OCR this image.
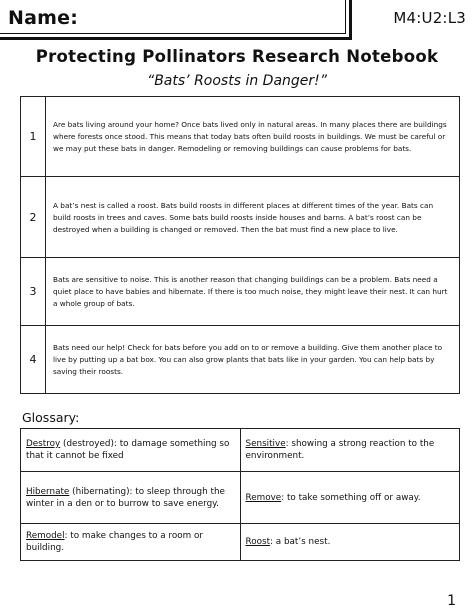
Name:	M4:U2:L3
Protecting Pollinators Research Notebook
“Bats’ Roosts in Danger!”
1	Are bats living around your home? Once bats lived only in natural areas. In many places there are buildings where forests once stood. This means that today bats often build roosts in buildings. We must be careful or we may put these bats in danger. Remodeling or removing buildings can cause problems for bats.
2	A bat’s nest is called a roost. Bats build roosts in different places at different times of the year. Bats can build roosts in trees and caves. Some bats build roosts inside houses and barns. A bat’s roost can be destroyed when a building is changed or removed. Then the bat must find a new place to live.
3	Bats are sensitive to noise. This is another reason that changing buildings can be a problem. Bats need a quiet place to have babies and hibernate. If there is too much noise, they might leave their nest. It can hurt a whole group of bats.
4	Bats need our help! Check for bats before you add on to or remove a building. Give them another place to live by putting up a bat box. You can also grow plants that bats like in your garden. You can help bats by saving their roosts.
Glossary:
Destroy (destroyed): to damage something so that it cannot be fixed	Sensitive: showing a strong reaction to the environment.
Hibernate (hibernating): to sleep through the winter in a den or to burrow to save energy.	Remove: to take something off or away.
Remodel: to make changes to a room or building.	Roost: a bat’s nest.
1
